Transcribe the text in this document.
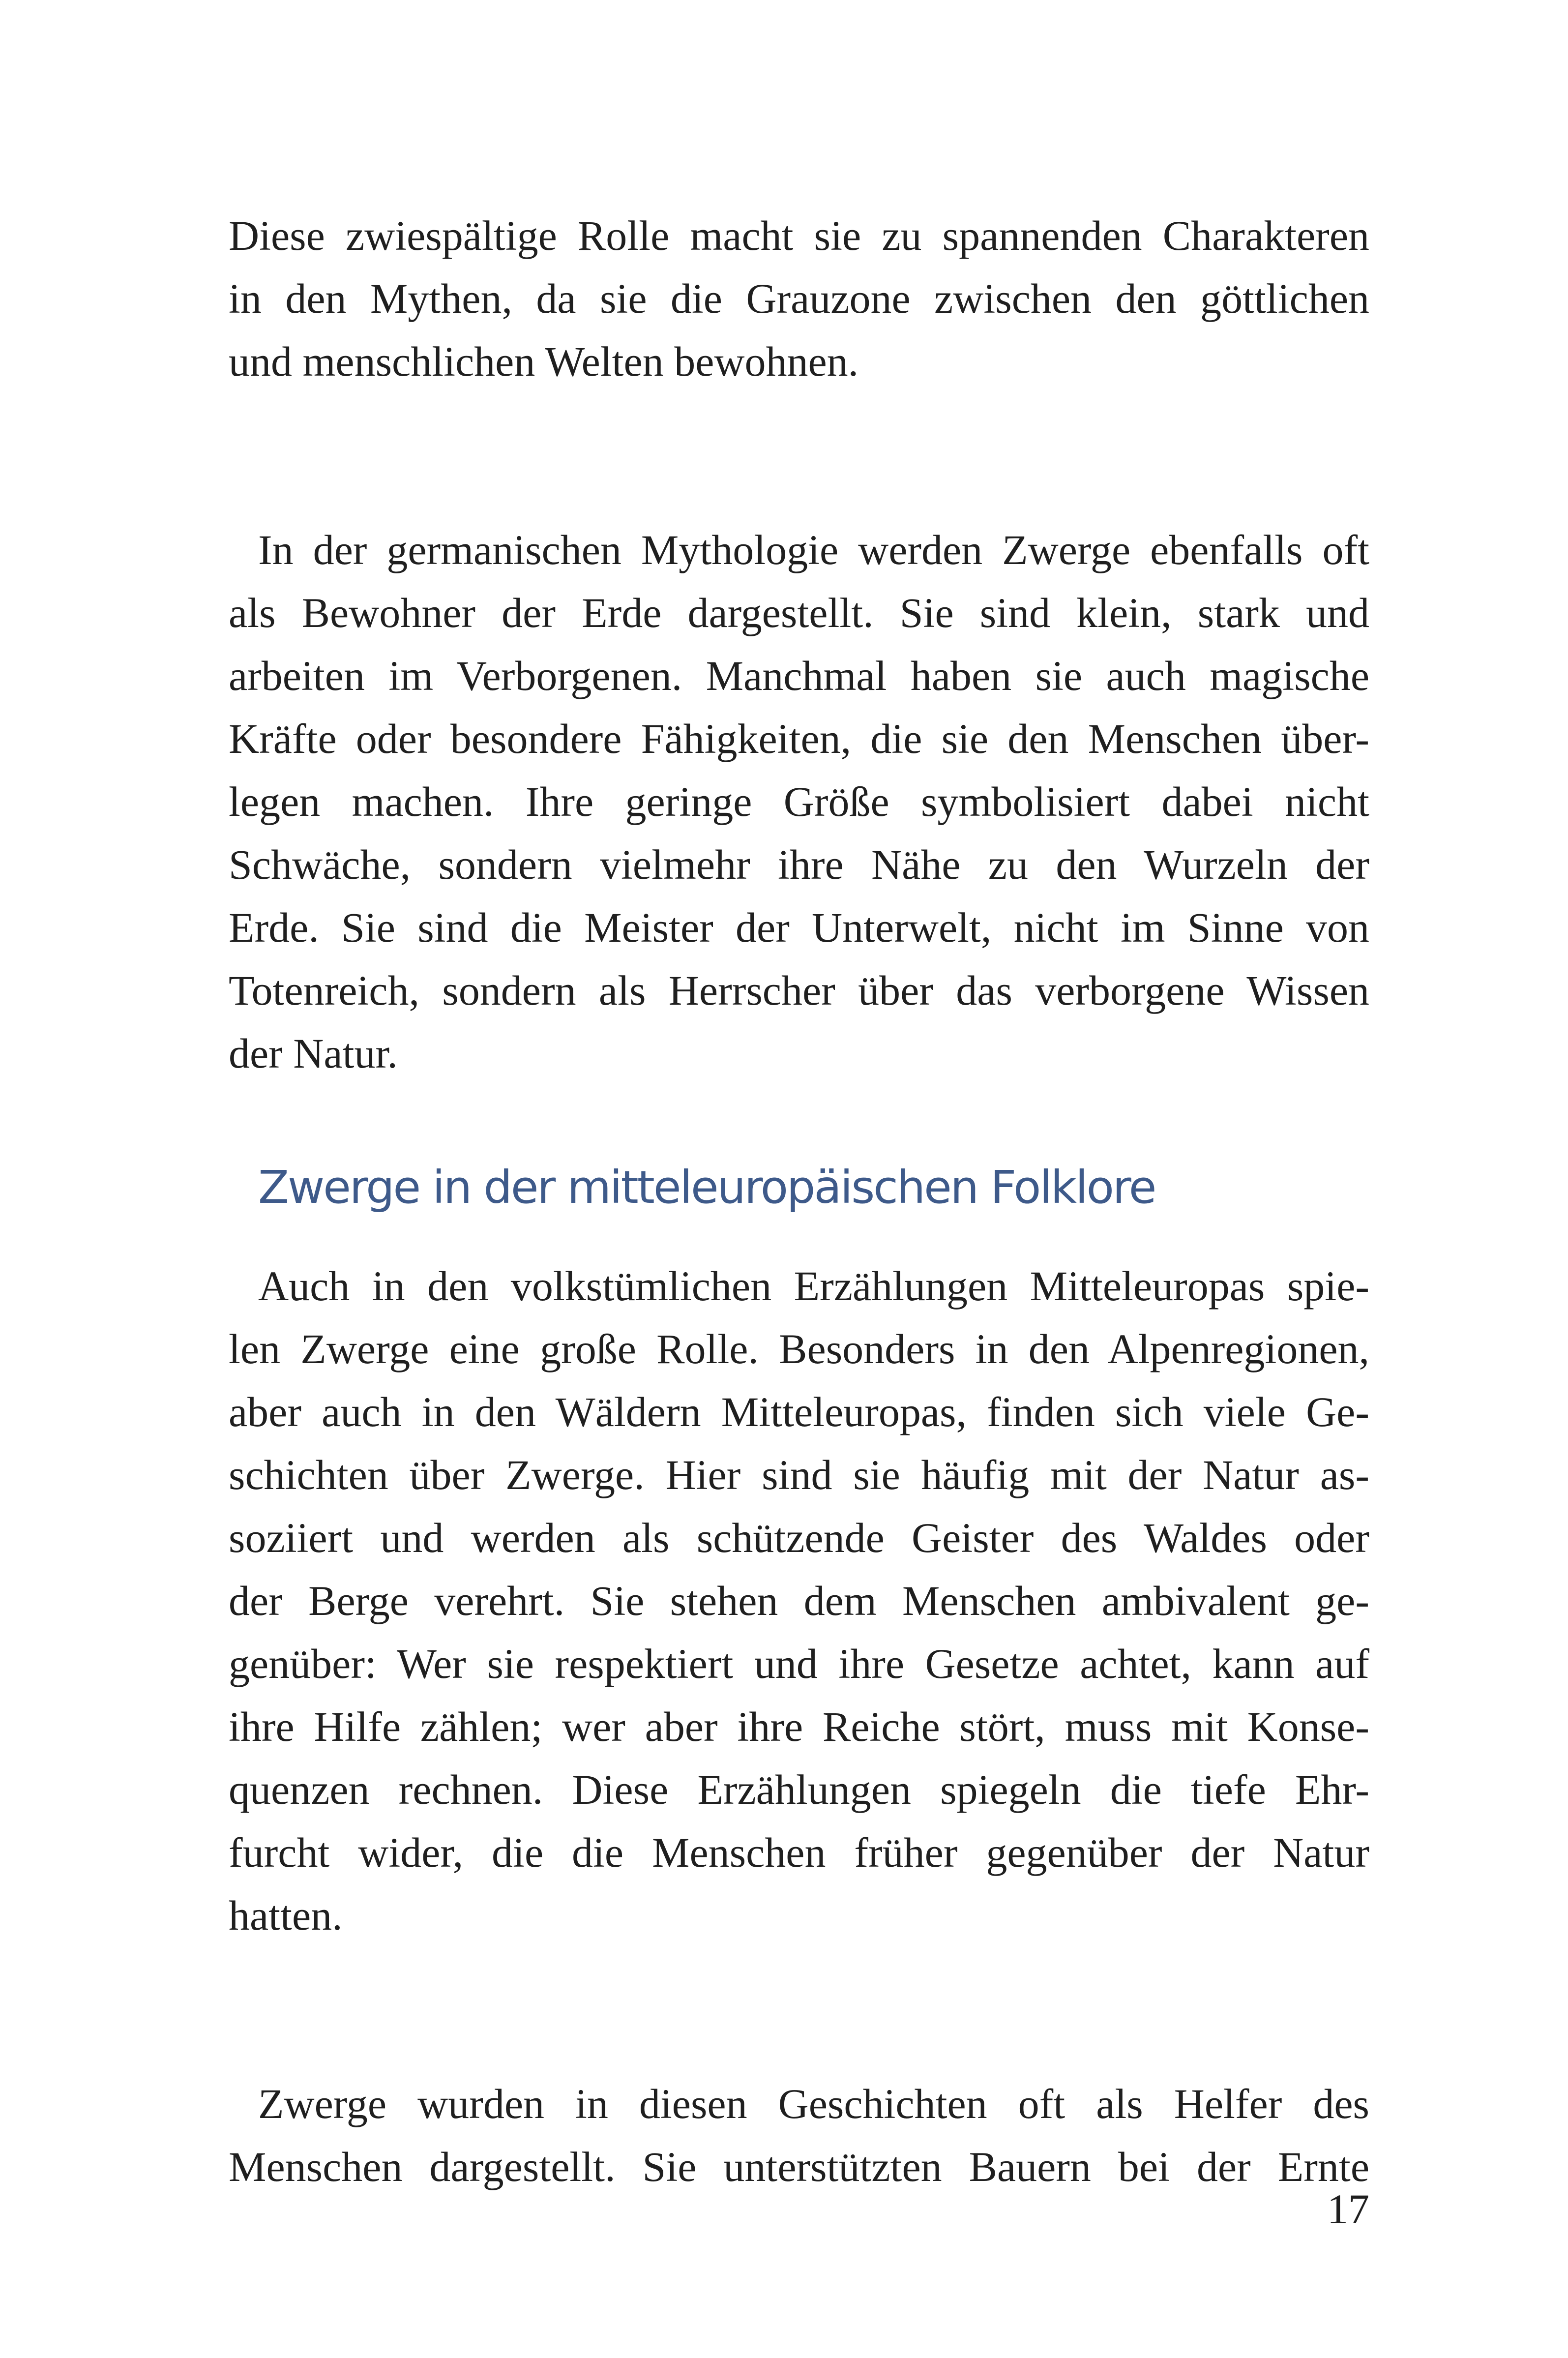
Diese zwiespältige Rolle macht sie zu spannenden Charakteren
in den Mythen, da sie die Grauzone zwischen den göttlichen
und menschlichen Welten bewohnen.
In der germanischen Mythologie werden Zwerge ebenfalls oft
als Bewohner der Erde dargestellt. Sie sind klein, stark und
arbeiten im Verborgenen. Manchmal haben sie auch magische
Kräfte oder besondere Fähigkeiten, die sie den Menschen über-
legen machen. Ihre geringe Größe symbolisiert dabei nicht
Schwäche, sondern vielmehr ihre Nähe zu den Wurzeln der
Erde. Sie sind die Meister der Unterwelt, nicht im Sinne von
Totenreich, sondern als Herrscher über das verborgene Wissen
der Natur.
Zwerge in der mitteleuropäischen Folklore
Auch in den volkstümlichen Erzählungen Mitteleuropas spie-
len Zwerge eine große Rolle. Besonders in den Alpenregionen,
aber auch in den Wäldern Mitteleuropas, finden sich viele Ge-
schichten über Zwerge. Hier sind sie häufig mit der Natur as-
soziiert und werden als schützende Geister des Waldes oder
der Berge verehrt. Sie stehen dem Menschen ambivalent ge-
genüber: Wer sie respektiert und ihre Gesetze achtet, kann auf
ihre Hilfe zählen; wer aber ihre Reiche stört, muss mit Konse-
quenzen rechnen. Diese Erzählungen spiegeln die tiefe Ehr-
furcht wider, die die Menschen früher gegenüber der Natur
hatten.
Zwerge wurden in diesen Geschichten oft als Helfer des
Menschen dargestellt. Sie unterstützten Bauern bei der Ernte
17
